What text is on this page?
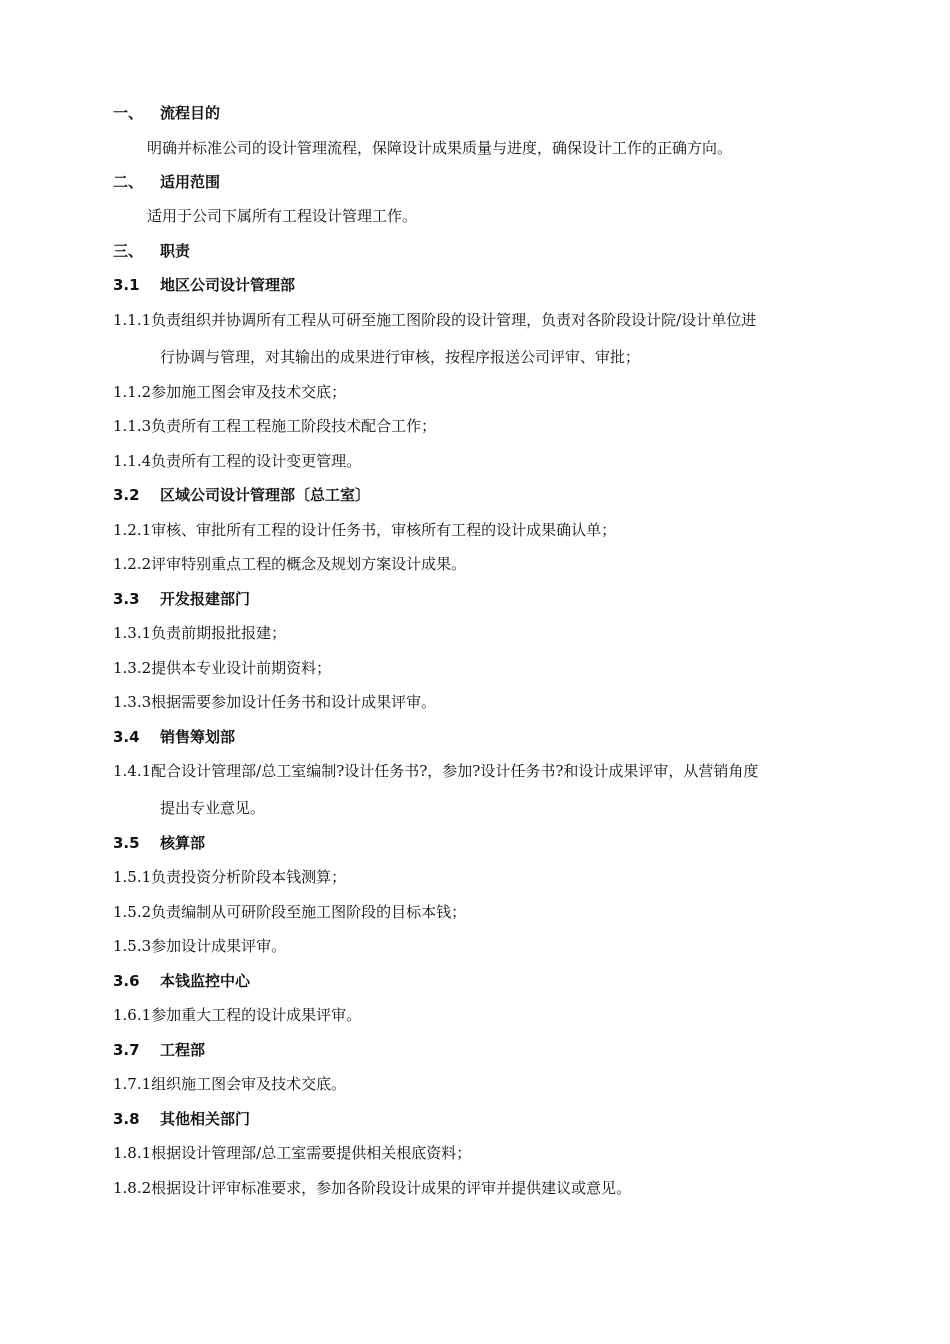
一、 流程目的
明确并标准公司的设计管理流程，保障设计成果质量与进度，确保设计工作的正确方向。
二、 适用范围
适用于公司下属所有工程设计管理工作。
三、 职责
3.1 地区公司设计管理部
1.1.1负责组织并协调所有工程从可研至施工图阶段的设计管理，负责对各阶段设计院/设计单位进
行协调与管理，对其输出的成果进行审核，按程序报送公司评审、审批；
1.1.2参加施工图会审及技术交底；
1.1.3负责所有工程工程施工阶段技术配合工作；
1.1.4负责所有工程的设计变更管理。
3.2 区域公司设计管理部〔总工室〕
1.2.1审核、审批所有工程的设计任务书，审核所有工程的设计成果确认单；
1.2.2评审特别重点工程的概念及规划方案设计成果。
3.3 开发报建部门
1.3.1负责前期报批报建；
1.3.2提供本专业设计前期资料；
1.3.3根据需要参加设计任务书和设计成果评审。
3.4 销售筹划部
1.4.1配合设计管理部/总工室编制?设计任务书?，参加?设计任务书?和设计成果评审，从营销角度
提出专业意见。
3.5 核算部
1.5.1负责投资分析阶段本钱测算；
1.5.2负责编制从可研阶段至施工图阶段的目标本钱；
1.5.3参加设计成果评审。
3.6 本钱监控中心
1.6.1参加重大工程的设计成果评审。
3.7 工程部
1.7.1组织施工图会审及技术交底。
3.8 其他相关部门
1.8.1根据设计管理部/总工室需要提供相关根底资料；
1.8.2根据设计评审标准要求，参加各阶段设计成果的评审并提供建议或意见。
